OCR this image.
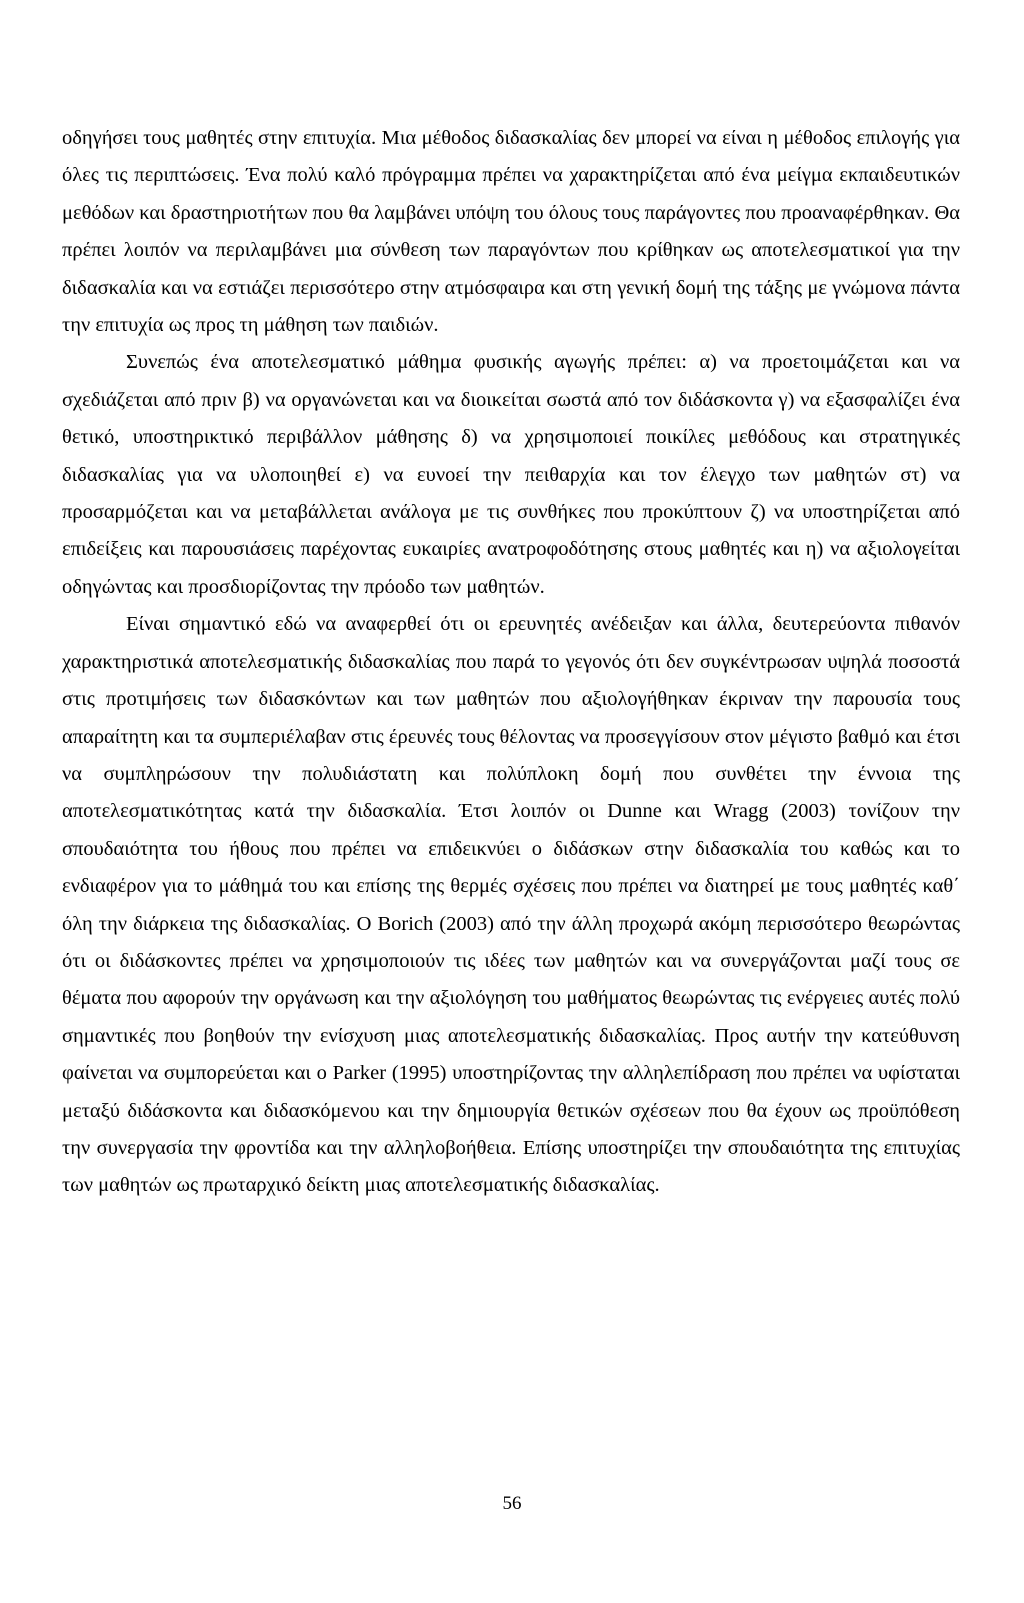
οδηγήσει τους μαθητές στην επιτυχία. Μια μέθοδος διδασκαλίας δεν μπορεί να είναι η μέθοδος επιλογής για όλες τις περιπτώσεις. Ένα πολύ καλό πρόγραμμα πρέπει να χαρακτηρίζεται από ένα μείγμα εκπαιδευτικών μεθόδων και δραστηριοτήτων που θα λαμβάνει υπόψη του όλους τους παράγοντες που προαναφέρθηκαν. Θα πρέπει λοιπόν να περιλαμβάνει μια σύνθεση των παραγόντων που κρίθηκαν ως αποτελεσματικοί για την διδασκαλία και να εστιάζει περισσότερο στην ατμόσφαιρα και στη γενική δομή της τάξης με γνώμονα πάντα την επιτυχία ως προς τη μάθηση των παιδιών.

Συνεπώς ένα αποτελεσματικό μάθημα φυσικής αγωγής πρέπει: α) να προετοιμάζεται και να σχεδιάζεται από πριν β) να οργανώνεται και να διοικείται σωστά από τον διδάσκοντα γ) να εξασφαλίζει ένα θετικό, υποστηρικτικό περιβάλλον μάθησης δ) να χρησιμοποιεί ποικίλες μεθόδους και στρατηγικές διδασκαλίας για να υλοποιηθεί ε) να ευνοεί την πειθαρχία και τον έλεγχο των μαθητών στ) να προσαρμόζεται και να μεταβάλλεται ανάλογα με τις συνθήκες που προκύπτουν ζ) να υποστηρίζεται από επιδείξεις και παρουσιάσεις παρέχοντας ευκαιρίες ανατροφοδότησης στους μαθητές και η) να αξιολογείται οδηγώντας και προσδιορίζοντας την πρόοδο των μαθητών.

Είναι σημαντικό εδώ να αναφερθεί ότι οι ερευνητές ανέδειξαν και άλλα, δευτερεύοντα πιθανόν χαρακτηριστικά αποτελεσματικής διδασκαλίας που παρά το γεγονός ότι δεν συγκέντρωσαν υψηλά ποσοστά στις προτιμήσεις των διδασκόντων και των μαθητών που αξιολογήθηκαν έκριναν την παρουσία τους απαραίτητη και τα συμπεριέλαβαν στις έρευνές τους θέλοντας να προσεγγίσουν στον μέγιστο βαθμό και έτσι να συμπληρώσουν την πολυδιάστατη και πολύπλοκη δομή που συνθέτει την έννοια της αποτελεσματικότητας κατά την διδασκαλία. Έτσι λοιπόν οι Dunne και Wragg (2003) τονίζουν την σπουδαιότητα του ήθους που πρέπει να επιδεικνύει ο διδάσκων στην διδασκαλία του καθώς και το ενδιαφέρον για το μάθημά του και επίσης της θερμές σχέσεις που πρέπει να διατηρεί με τους μαθητές καθ΄ όλη την διάρκεια της διδασκαλίας. Ο Borich (2003) από την άλλη προχωρά ακόμη περισσότερο θεωρώντας ότι οι διδάσκοντες πρέπει να χρησιμοποιούν τις ιδέες των μαθητών και να συνεργάζονται μαζί τους σε θέματα που αφορούν την οργάνωση και την αξιολόγηση του μαθήματος θεωρώντας τις ενέργειες αυτές πολύ σημαντικές που βοηθούν την ενίσχυση μιας αποτελεσματικής διδασκαλίας. Προς αυτήν την κατεύθυνση φαίνεται να συμπορεύεται και ο Parker (1995) υποστηρίζοντας την αλληλεπίδραση που πρέπει να υφίσταται μεταξύ διδάσκοντα και διδασκόμενου και την δημιουργία θετικών σχέσεων που θα έχουν ως προϋπόθεση την συνεργασία την φροντίδα και την αλληλοβοήθεια. Επίσης υποστηρίζει την σπουδαιότητα της επιτυχίας των μαθητών ως πρωταρχικό δείκτη μιας αποτελεσματικής διδασκαλίας.

56
